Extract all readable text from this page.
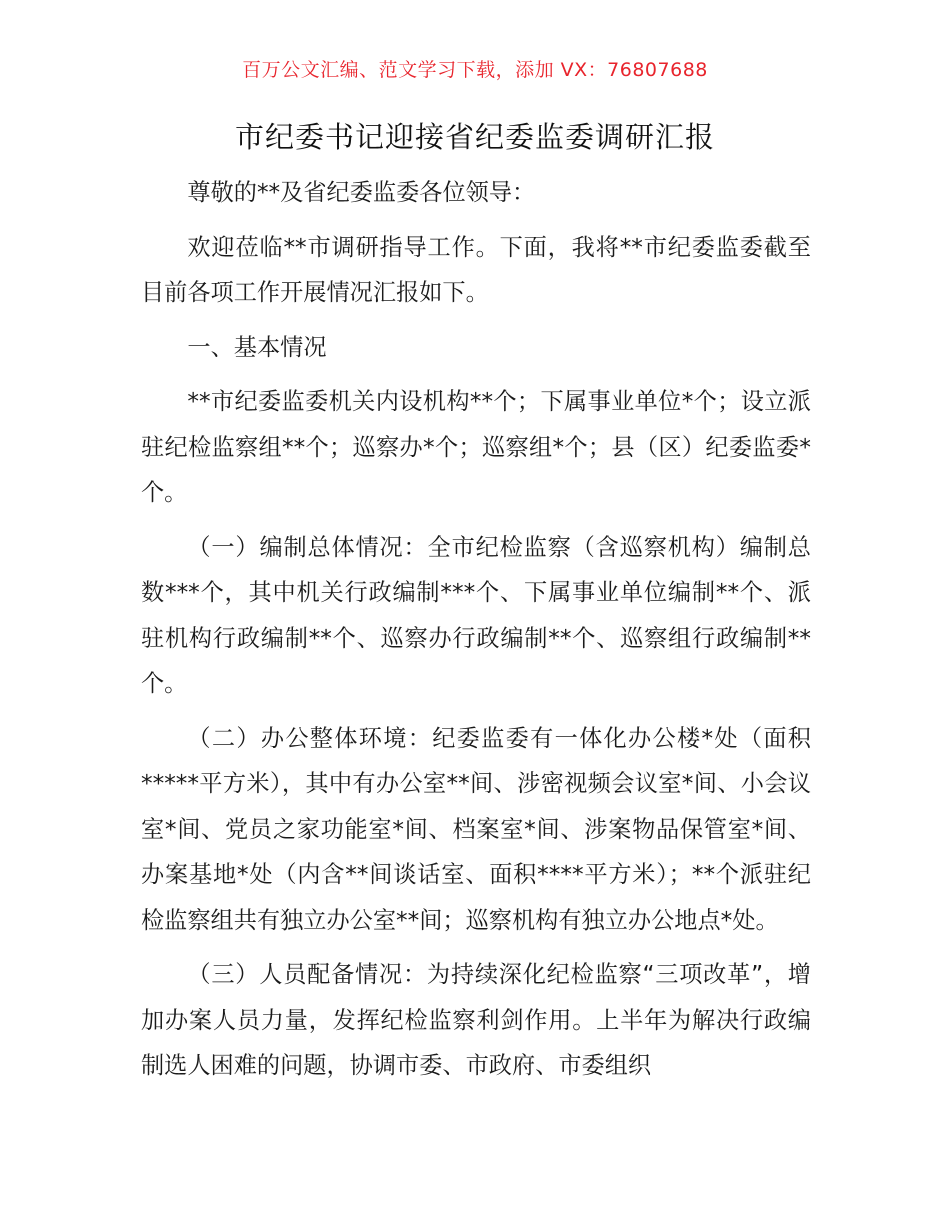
百万公文汇编、范文学习下载，添加 VX：76807688
市纪委书记迎接省纪委监委调研汇报

尊敬的**及省纪委监委各位领导：

欢迎莅临**市调研指导工作。下面，我将**市纪委监委截至目前各项工作开展情况汇报如下。

一、基本情况

**市纪委监委机关内设机构**个；下属事业单位*个；设立派驻纪检监察组**个；巡察办*个；巡察组*个；县（区）纪委监委*个。

（一）编制总体情况：全市纪检监察（含巡察机构）编制总数***个，其中机关行政编制***个、下属事业单位编制**个、派驻机构行政编制**个、巡察办行政编制**个、巡察组行政编制**个。

（二）办公整体环境：纪委监委有一体化办公楼*处（面积*****平方米），其中有办公室**间、涉密视频会议室*间、小会议室*间、党员之家功能室*间、档案室*间、涉案物品保管室*间、办案基地*处（内含**间谈话室、面积****平方米）；**个派驻纪检监察组共有独立办公室**间；巡察机构有独立办公地点*处。

（三）人员配备情况：为持续深化纪检监察“三项改革”，增加办案人员力量，发挥纪检监察利剑作用。上半年为解决行政编制选人困难的问题，协调市委、市政府、市委组织
